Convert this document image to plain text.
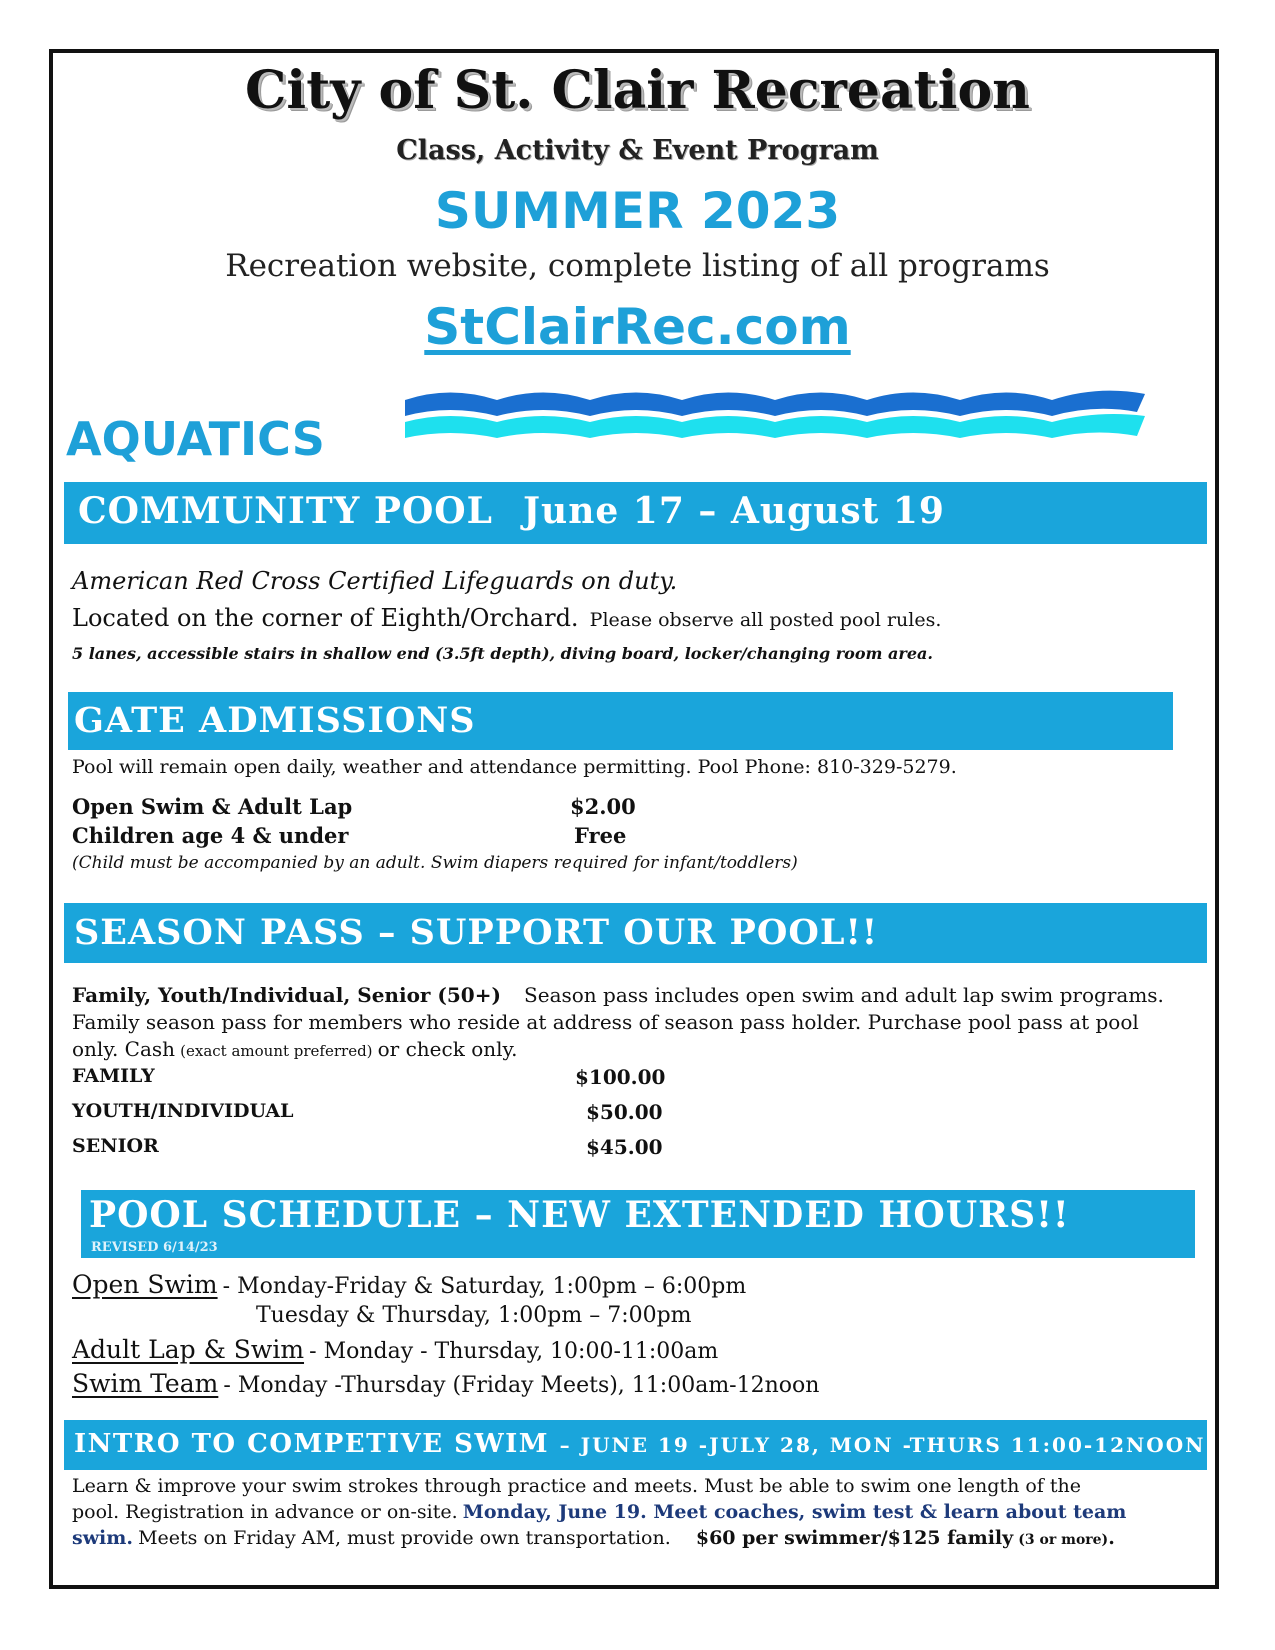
City of St. Clair Recreation
Class, Activity & Event Program
SUMMER 2023
Recreation website, complete listing of all programs
StClairRec.com
AQUATICS
COMMUNITY POOL June 17 – August 19
American Red Cross Certified Lifeguards on duty.
Located on the corner of Eighth/Orchard. Please observe all posted pool rules.
5 lanes, accessible stairs in shallow end (3.5ft depth), diving board, locker/changing room area.
GATE ADMISSIONS
Pool will remain open daily, weather and attendance permitting. Pool Phone: 810-329-5279.
Open Swim & Adult Lap	$2.00
Children age 4 & under	Free
(Child must be accompanied by an adult. Swim diapers required for infant/toddlers)
SEASON PASS – SUPPORT OUR POOL!!
Family, Youth/Individual, Senior (50+) Season pass includes open swim and adult lap swim programs.
Family season pass for members who reside at address of season pass holder. Purchase pool pass at pool
only. Cash (exact amount preferred) or check only.
FAMILY	$100.00
YOUTH/INDIVIDUAL	$50.00
SENIOR	$45.00
POOL SCHEDULE – NEW EXTENDED HOURS!!
REVISED 6/14/23
Open Swim - Monday-Friday & Saturday, 1:00pm – 6:00pm
Tuesday & Thursday, 1:00pm – 7:00pm
Adult Lap & Swim - Monday - Thursday, 10:00-11:00am
Swim Team - Monday -Thursday (Friday Meets), 11:00am-12noon
INTRO TO COMPETIVE SWIM – JUNE 19 -JULY 28, MON -THURS 11:00-12NOON
Learn & improve your swim strokes through practice and meets. Must be able to swim one length of the
pool. Registration in advance or on-site. Monday, June 19. Meet coaches, swim test & learn about team
swim. Meets on Friday AM, must provide own transportation. $60 per swimmer/$125 family (3 or more).
